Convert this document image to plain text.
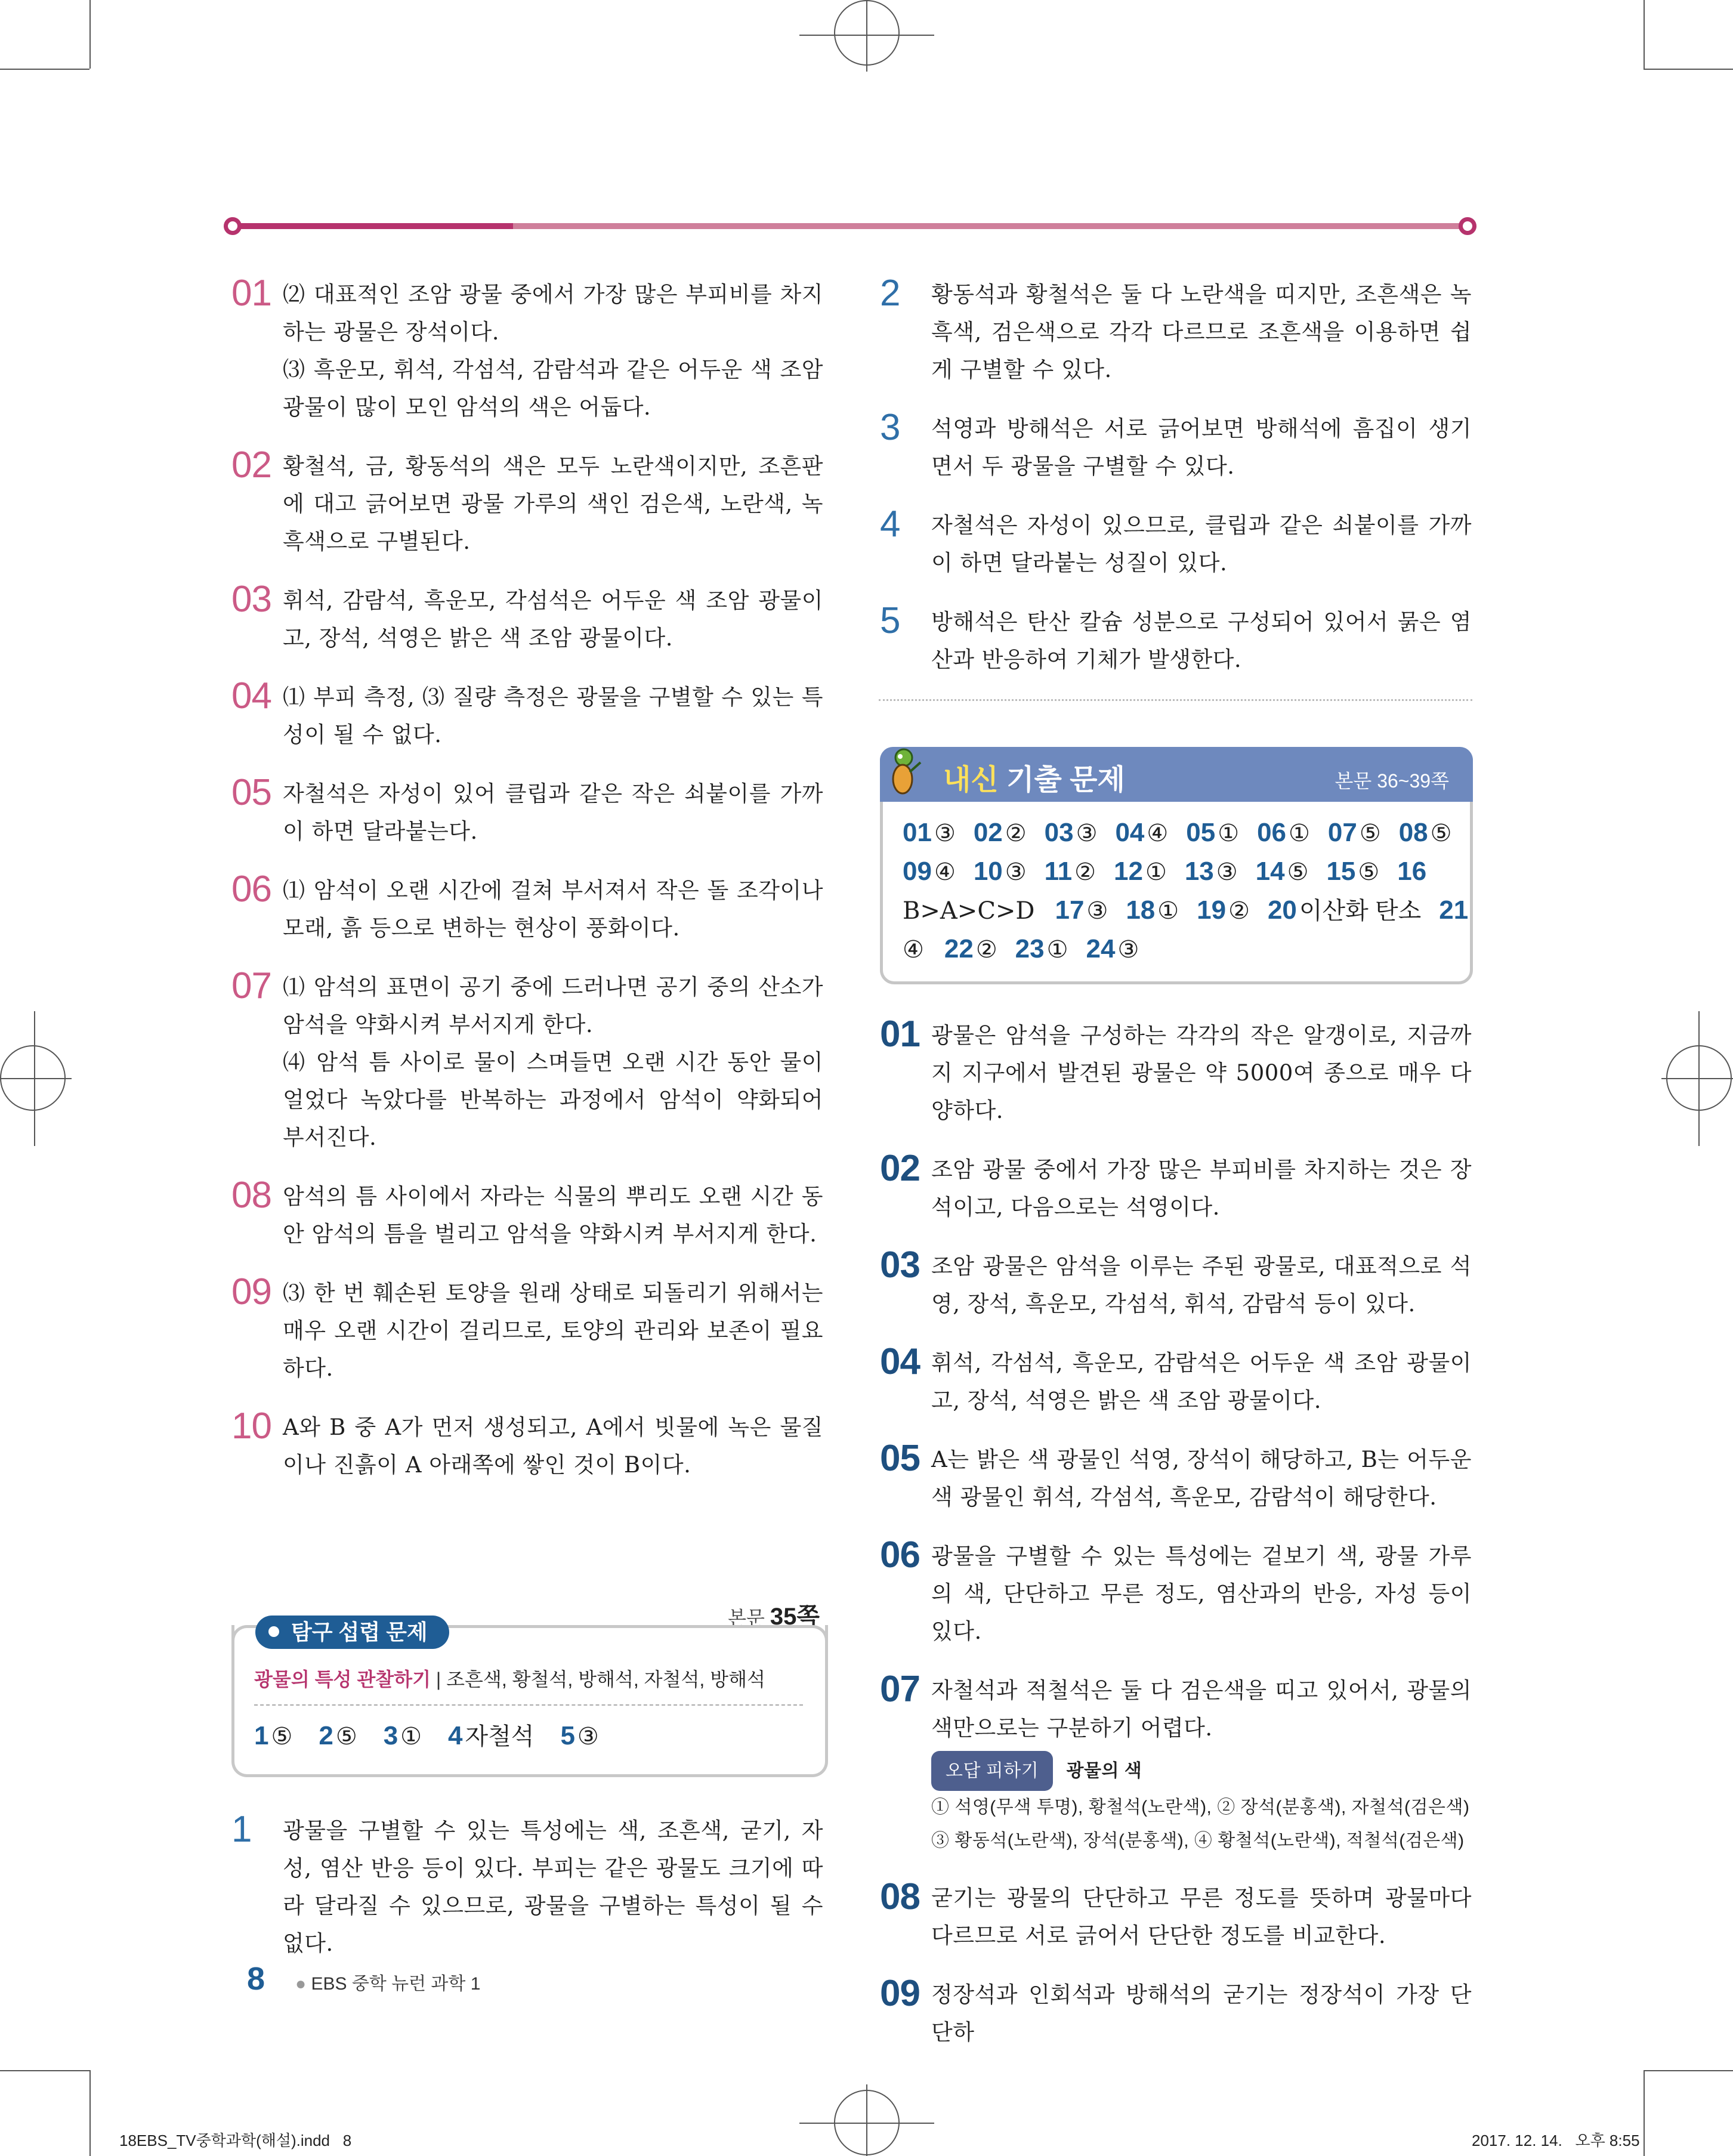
01 ⑵ 대표적인 조암 광물 중에서 가장 많은 부피비를 차지하는 광물은 장석이다.

⑶ 흑운모, 휘석, 각섬석, 감람석과 같은 어두운 색 조암 광물이 많이 모인 암석의 색은 어둡다.

02 황철석, 금, 황동석의 색은 모두 노란색이지만, 조흔판에 대고 긁어보면 광물 가루의 색인 검은색, 노란색, 녹흑색으로 구별된다.

03 휘석, 감람석, 흑운모, 각섬석은 어두운 색 조암 광물이고, 장석, 석영은 밝은 색 조암 광물이다.

04 ⑴ 부피 측정, ⑶ 질량 측정은 광물을 구별할 수 있는 특성이 될 수 없다.

05 자철석은 자성이 있어 클립과 같은 작은 쇠붙이를 가까이 하면 달라붙는다.

06 ⑴ 암석이 오랜 시간에 걸쳐 부서져서 작은 돌 조각이나 모래, 흙 등으로 변하는 현상이 풍화이다.

07 ⑴ 암석의 표면이 공기 중에 드러나면 공기 중의 산소가 암석을 약화시켜 부서지게 한다.

⑷ 암석 틈 사이로 물이 스며들면 오랜 시간 동안 물이 얼었다 녹았다를 반복하는 과정에서 암석이 약화되어 부서진다.

08 암석의 틈 사이에서 자라는 식물의 뿌리도 오랜 시간 동안 암석의 틈을 벌리고 암석을 약화시켜 부서지게 한다.

09 ⑶ 한 번 훼손된 토양을 원래 상태로 되돌리기 위해서는 매우 오랜 시간이 걸리므로, 토양의 관리와 보존이 필요하다.

10 A와 B 중 A가 먼저 생성되고, A에서 빗물에 녹은 물질이나 진흙이 A 아래쪽에 쌓인 것이 B이다.

본문 35쪽
탐구 섭렵 문제
광물의 특성 관찰하기 | 조흔색, 황철석, 방해석, 자철석, 방해석
1 ⑤ 2 ⑤ 3 ① 4 자철석 5 ③
1 광물을 구별할 수 있는 특성에는 색, 조흔색, 굳기, 자성, 염산 반응 등이 있다. 부피는 같은 광물도 크기에 따라 달라질 수 있으므로, 광물을 구별하는 특성이 될 수 없다.

2 황동석과 황철석은 둘 다 노란색을 띠지만, 조흔색은 녹흑색, 검은색으로 각각 다르므로 조흔색을 이용하면 쉽게 구별할 수 있다.

3 석영과 방해석은 서로 긁어보면 방해석에 흠집이 생기면서 두 광물을 구별할 수 있다.

4 자철석은 자성이 있으므로, 클립과 같은 쇠붙이를 가까이 하면 달라붙는 성질이 있다.

5 방해석은 탄산 칼슘 성분으로 구성되어 있어서 묽은 염산과 반응하여 기체가 발생한다.

내신 기출 문제	본문 36~39쪽
01 ③ 02 ② 03 ③ 04 ④ 05 ① 06 ① 07 ⑤ 08 ⑤
09 ④ 10 ③ 11 ② 12 ① 13 ③ 14 ⑤ 15 ⑤ 16
B>A>C>D 17 ③ 18 ① 19 ② 20 이산화 탄소 21
④ 22 ② 23 ① 24 ③
01 광물은 암석을 구성하는 각각의 작은 알갱이로, 지금까지 지구에서 발견된 광물은 약 5000여 종으로 매우 다양하다.

02 조암 광물 중에서 가장 많은 부피비를 차지하는 것은 장석이고, 다음으로는 석영이다.

03 조암 광물은 암석을 이루는 주된 광물로, 대표적으로 석영, 장석, 흑운모, 각섬석, 휘석, 감람석 등이 있다.

04 휘석, 각섬석, 흑운모, 감람석은 어두운 색 조암 광물이고, 장석, 석영은 밝은 색 조암 광물이다.

05 A는 밝은 색 광물인 석영, 장석이 해당하고, B는 어두운 색 광물인 휘석, 각섬석, 흑운모, 감람석이 해당한다.

06 광물을 구별할 수 있는 특성에는 겉보기 색, 광물 가루의 색, 단단하고 무른 정도, 염산과의 반응, 자성 등이 있다.

07 자철석과 적철석은 둘 다 검은색을 띠고 있어서, 광물의 색만으로는 구분하기 어렵다.

오답 피하기 광물의 색
① 석영(무색 투명), 황철석(노란색), ② 장석(분홍색), 자철석(검은색)
③ 황동석(노란색), 장석(분홍색), ④ 황철석(노란색), 적철석(검은색)
08 굳기는 광물의 단단하고 무른 정도를 뜻하며 광물마다 다르므로 서로 긁어서 단단한 정도를 비교한다.

09 정장석과 인회석과 방해석의 굳기는 정장석이 가장 단단하

8 ● EBS 중학 뉴런 과학 1
18EBS_TV중학과학(해설).indd   8	2017. 12. 14.   오후 8:55
